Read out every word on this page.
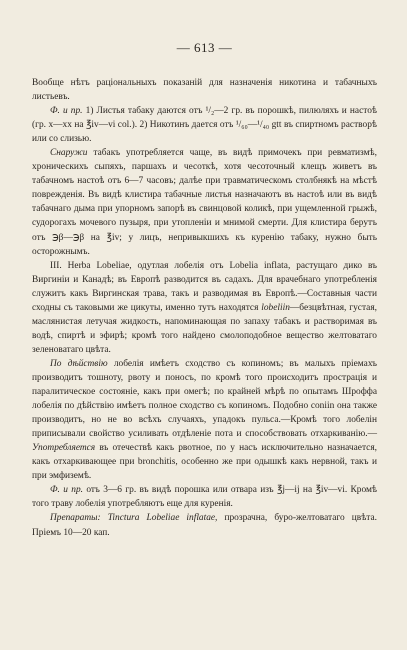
— 613 —

Вообще нѣтъ раціональныхъ показаній для назначенія никотина и табачныхъ листьевъ.

Ф. и пр. 1) Листья табаку даются отъ ¹/₂—2 гр. въ порошкѣ, пилюляхъ и настоѣ (гр. x—xx на ℥iv—vi col.). 2) Никотинъ дается отъ ¹/₆₀—¹/₄₀ gtt въ спиртномъ растворѣ или со слизью.

Снаружи табакъ употребляется чаще, въ видѣ примочекъ при ревматизмѣ, хроническихъ сыпяхъ, паршахъ и чесоткѣ, хотя чесоточный клещъ живетъ въ табачномъ настоѣ отъ 6—7 часовъ; далѣе при травматическомъ столбнякѣ на мѣстѣ поврежденія. Въ видѣ клистира табачные листья назначаютъ въ настоѣ или въ видѣ табачнаго дыма при упорномъ запорѣ въ свинцовой коликѣ, при ущемленной грыжѣ, судорогахъ мочевого пузыря, при утопленіи и мнимой смерти. Для клистира берутъ отъ ℈β—℈β на ℥iv; у лицъ, непривыкшихъ къ куренію табаку, нужно быть осторожнымъ.

III. Herba Lobeliae, одутлая лобелія отъ Lobelia inflata, растущаго дико въ Виргиніи и Канадѣ; въ Европѣ разводится въ садахъ. Для врачебнаго употребленія служитъ какъ Виргинская трава, такъ и разводимая въ Европѣ.—Составныя части сходны съ таковыми же цикуты, именно тутъ находятся lobeliin—безцвѣтная, густая, маслянистая летучая жидкость, напоминающая по запаху табакъ и растворимая въ водѣ, спиртѣ и эфирѣ; кромѣ того найдено смолоподобное вещество желтоватаго зеленоватаго цвѣта.

По дѣйствію лобелія имѣетъ сходство съ копиномъ; въ малыхъ пріемахъ производитъ тошноту, рвоту и поносъ, по кромѣ того происходитъ прострація и паралитическое состояніе, какъ при омегѣ; по крайней мѣрѣ по опытамъ Шроффа лобелія по дѣйствію имѣетъ полное сходство съ копиномъ. Подобно coniin она также производитъ, но не во всѣхъ случаяхъ, упадокъ пульса.—Кромѣ того лобелін приписывали свойство усиливать отдѣленіе пота и способствовать отхаркиванію.—Употребляется въ отечествѣ какъ рвотное, по у насъ исключительно назначается, какъ отхаркивающее при bronchitis, особенно же при одышкѣ какъ нервной, такъ и при эмфиземѣ.

Ф. и пр. отъ 3—6 гр. въ видѣ порошка или отвара изъ ℥j—ij на ℥iv—vi. Кромѣ того траву лобелія употребляютъ еще для куренія.

Препараты: Tinctura Lobeliae inflatae, прозрачна, буро-желтоватаго цвѣта. Пріемъ 10—20 кап.
